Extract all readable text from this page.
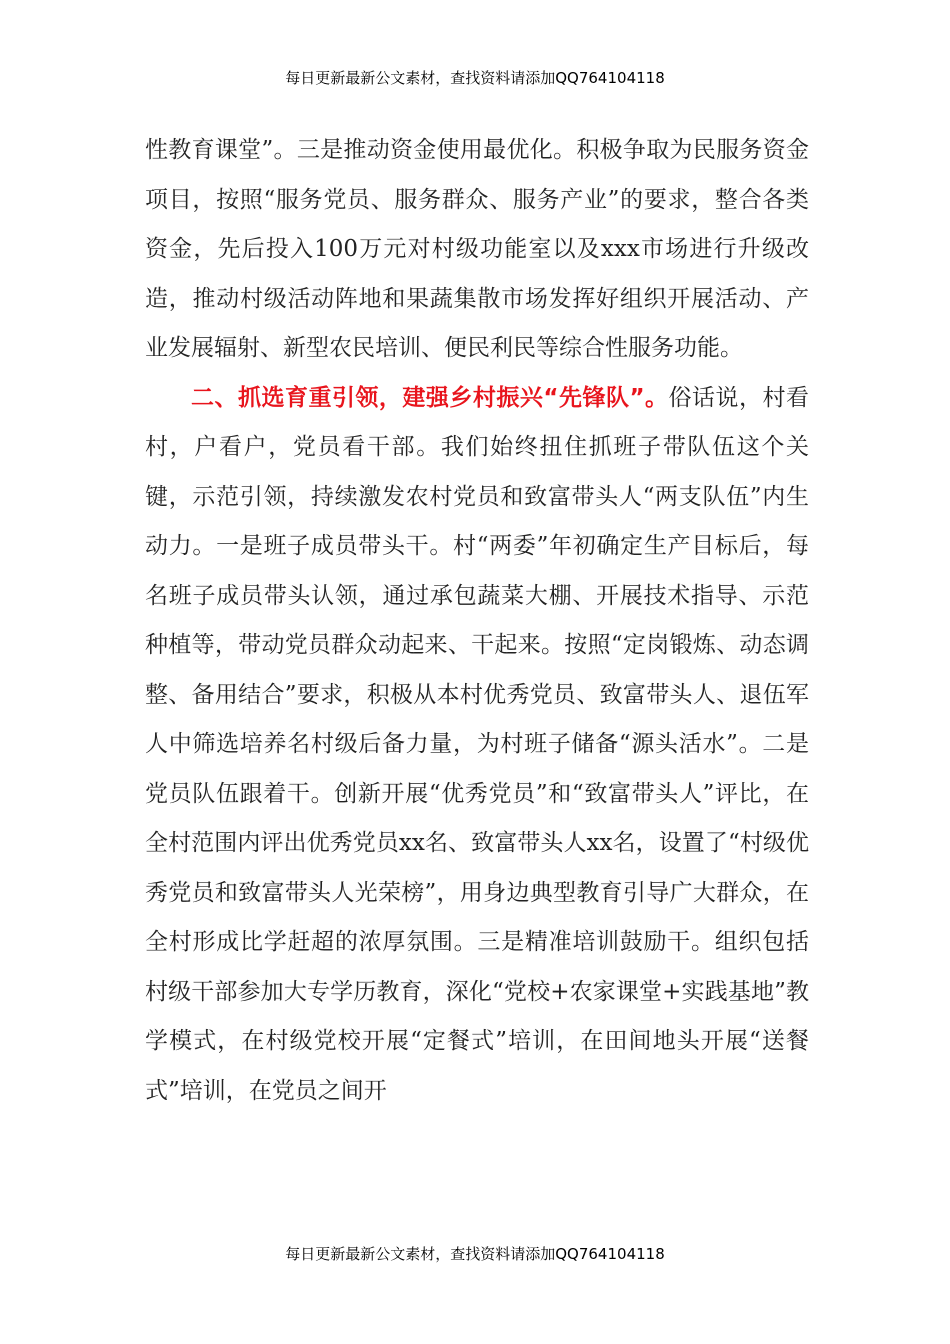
每日更新最新公文素材，查找资料请添加QQ764104118

性教育课堂”。三是推动资金使用最优化。积极争取为民服务资金项目，按照“服务党员、服务群众、服务产业”的要求，整合各类资金，先后投入100万元对村级功能室以及xxx市场进行升级改造，推动村级活动阵地和果蔬集散市场发挥好组织开展活动、产业发展辐射、新型农民培训、便民利民等综合性服务功能。

二、抓选育重引领，建强乡村振兴“先锋队”。俗话说，村看村，户看户，党员看干部。我们始终扭住抓班子带队伍这个关键，示范引领，持续激发农村党员和致富带头人“两支队伍”内生动力。一是班子成员带头干。村“两委”年初确定生产目标后，每名班子成员带头认领，通过承包蔬菜大棚、开展技术指导、示范种植等，带动党员群众动起来、干起来。按照“定岗锻炼、动态调整、备用结合”要求，积极从本村优秀党员、致富带头人、退伍军人中筛选培养名村级后备力量，为村班子储备“源头活水”。二是党员队伍跟着干。创新开展“优秀党员”和“致富带头人”评比，在全村范围内评出优秀党员xx名、致富带头人xx名，设置了“村级优秀党员和致富带头人光荣榜”，用身边典型教育引导广大群众，在全村形成比学赶超的浓厚氛围。三是精准培训鼓励干。组织包括村级干部参加大专学历教育，深化“党校+农家课堂+实践基地”教学模式，在村级党校开展“定餐式”培训，在田间地头开展“送餐式”培训，在党员之间开

每日更新最新公文素材，查找资料请添加QQ764104118
